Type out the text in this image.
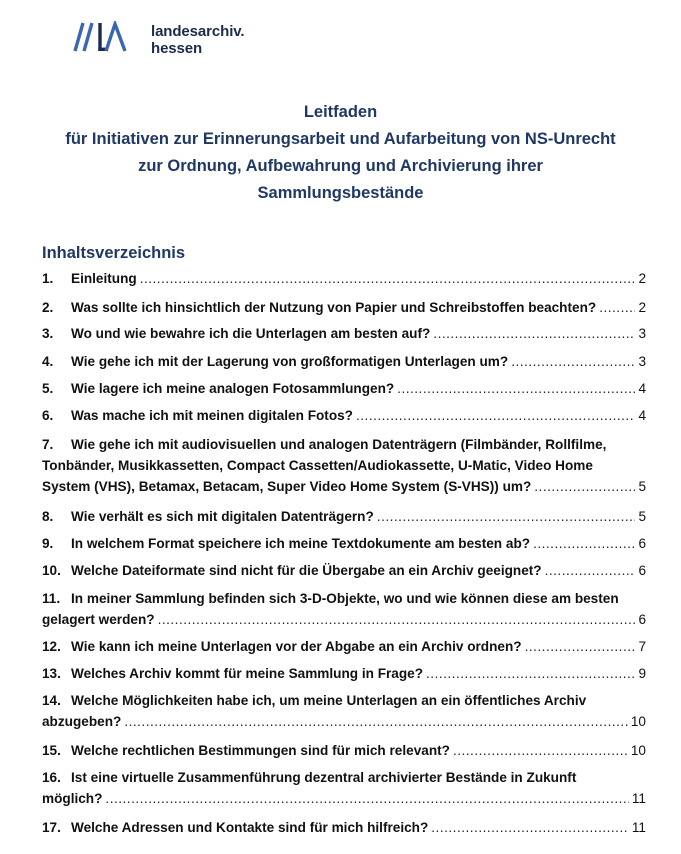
landesarchiv.
hessen
Leitfaden
für Initiativen zur Erinnerungsarbeit und Aufarbeitung von NS-Unrecht
zur Ordnung, Aufbewahrung und Archivierung ihrer
Sammlungsbestände
Inhaltsverzeichnis
1.	Einleitung .....	2
2.	Was sollte ich hinsichtlich der Nutzung von Papier und Schreibstoffen beachten? .....	2
3.	Wo und wie bewahre ich die Unterlagen am besten auf? .....	3
4.	Wie gehe ich mit der Lagerung von großformatigen Unterlagen um? .....	3
5.	Wie lagere ich meine analogen Fotosammlungen? .....	4
6.	Was mache ich mit meinen digitalen Fotos? .....	4
7. Wie gehe ich mit audiovisuellen und analogen Datenträgern (Filmbänder, Rollfilme,
Tonbänder, Musikkassetten, Compact Cassetten/Audiokassette, U-Matic, Video Home
System (VHS), Betamax, Betacam, Super Video Home System (S-VHS)) um? .....	5
8.	Wie verhält es sich mit digitalen Datenträgern? .....	5
9.	In welchem Format speichere ich meine Textdokumente am besten ab? .....	6
10. Welche Dateiformate sind nicht für die Übergabe an ein Archiv geeignet? .....	6
11. In meiner Sammlung befinden sich 3-D-Objekte, wo und wie können diese am besten
gelagert werden? .....	6
12. Wie kann ich meine Unterlagen vor der Abgabe an ein Archiv ordnen? .....	7
13. Welches Archiv kommt für meine Sammlung in Frage? .....	9
14. Welche Möglichkeiten habe ich, um meine Unterlagen an ein öffentliches Archiv
abzugeben? .....	10
15. Welche rechtlichen Bestimmungen sind für mich relevant? .....	10
16. Ist eine virtuelle Zusammenführung dezentral archivierter Bestände in Zukunft
möglich? .....	11
17. Welche Adressen und Kontakte sind für mich hilfreich? .....	11
